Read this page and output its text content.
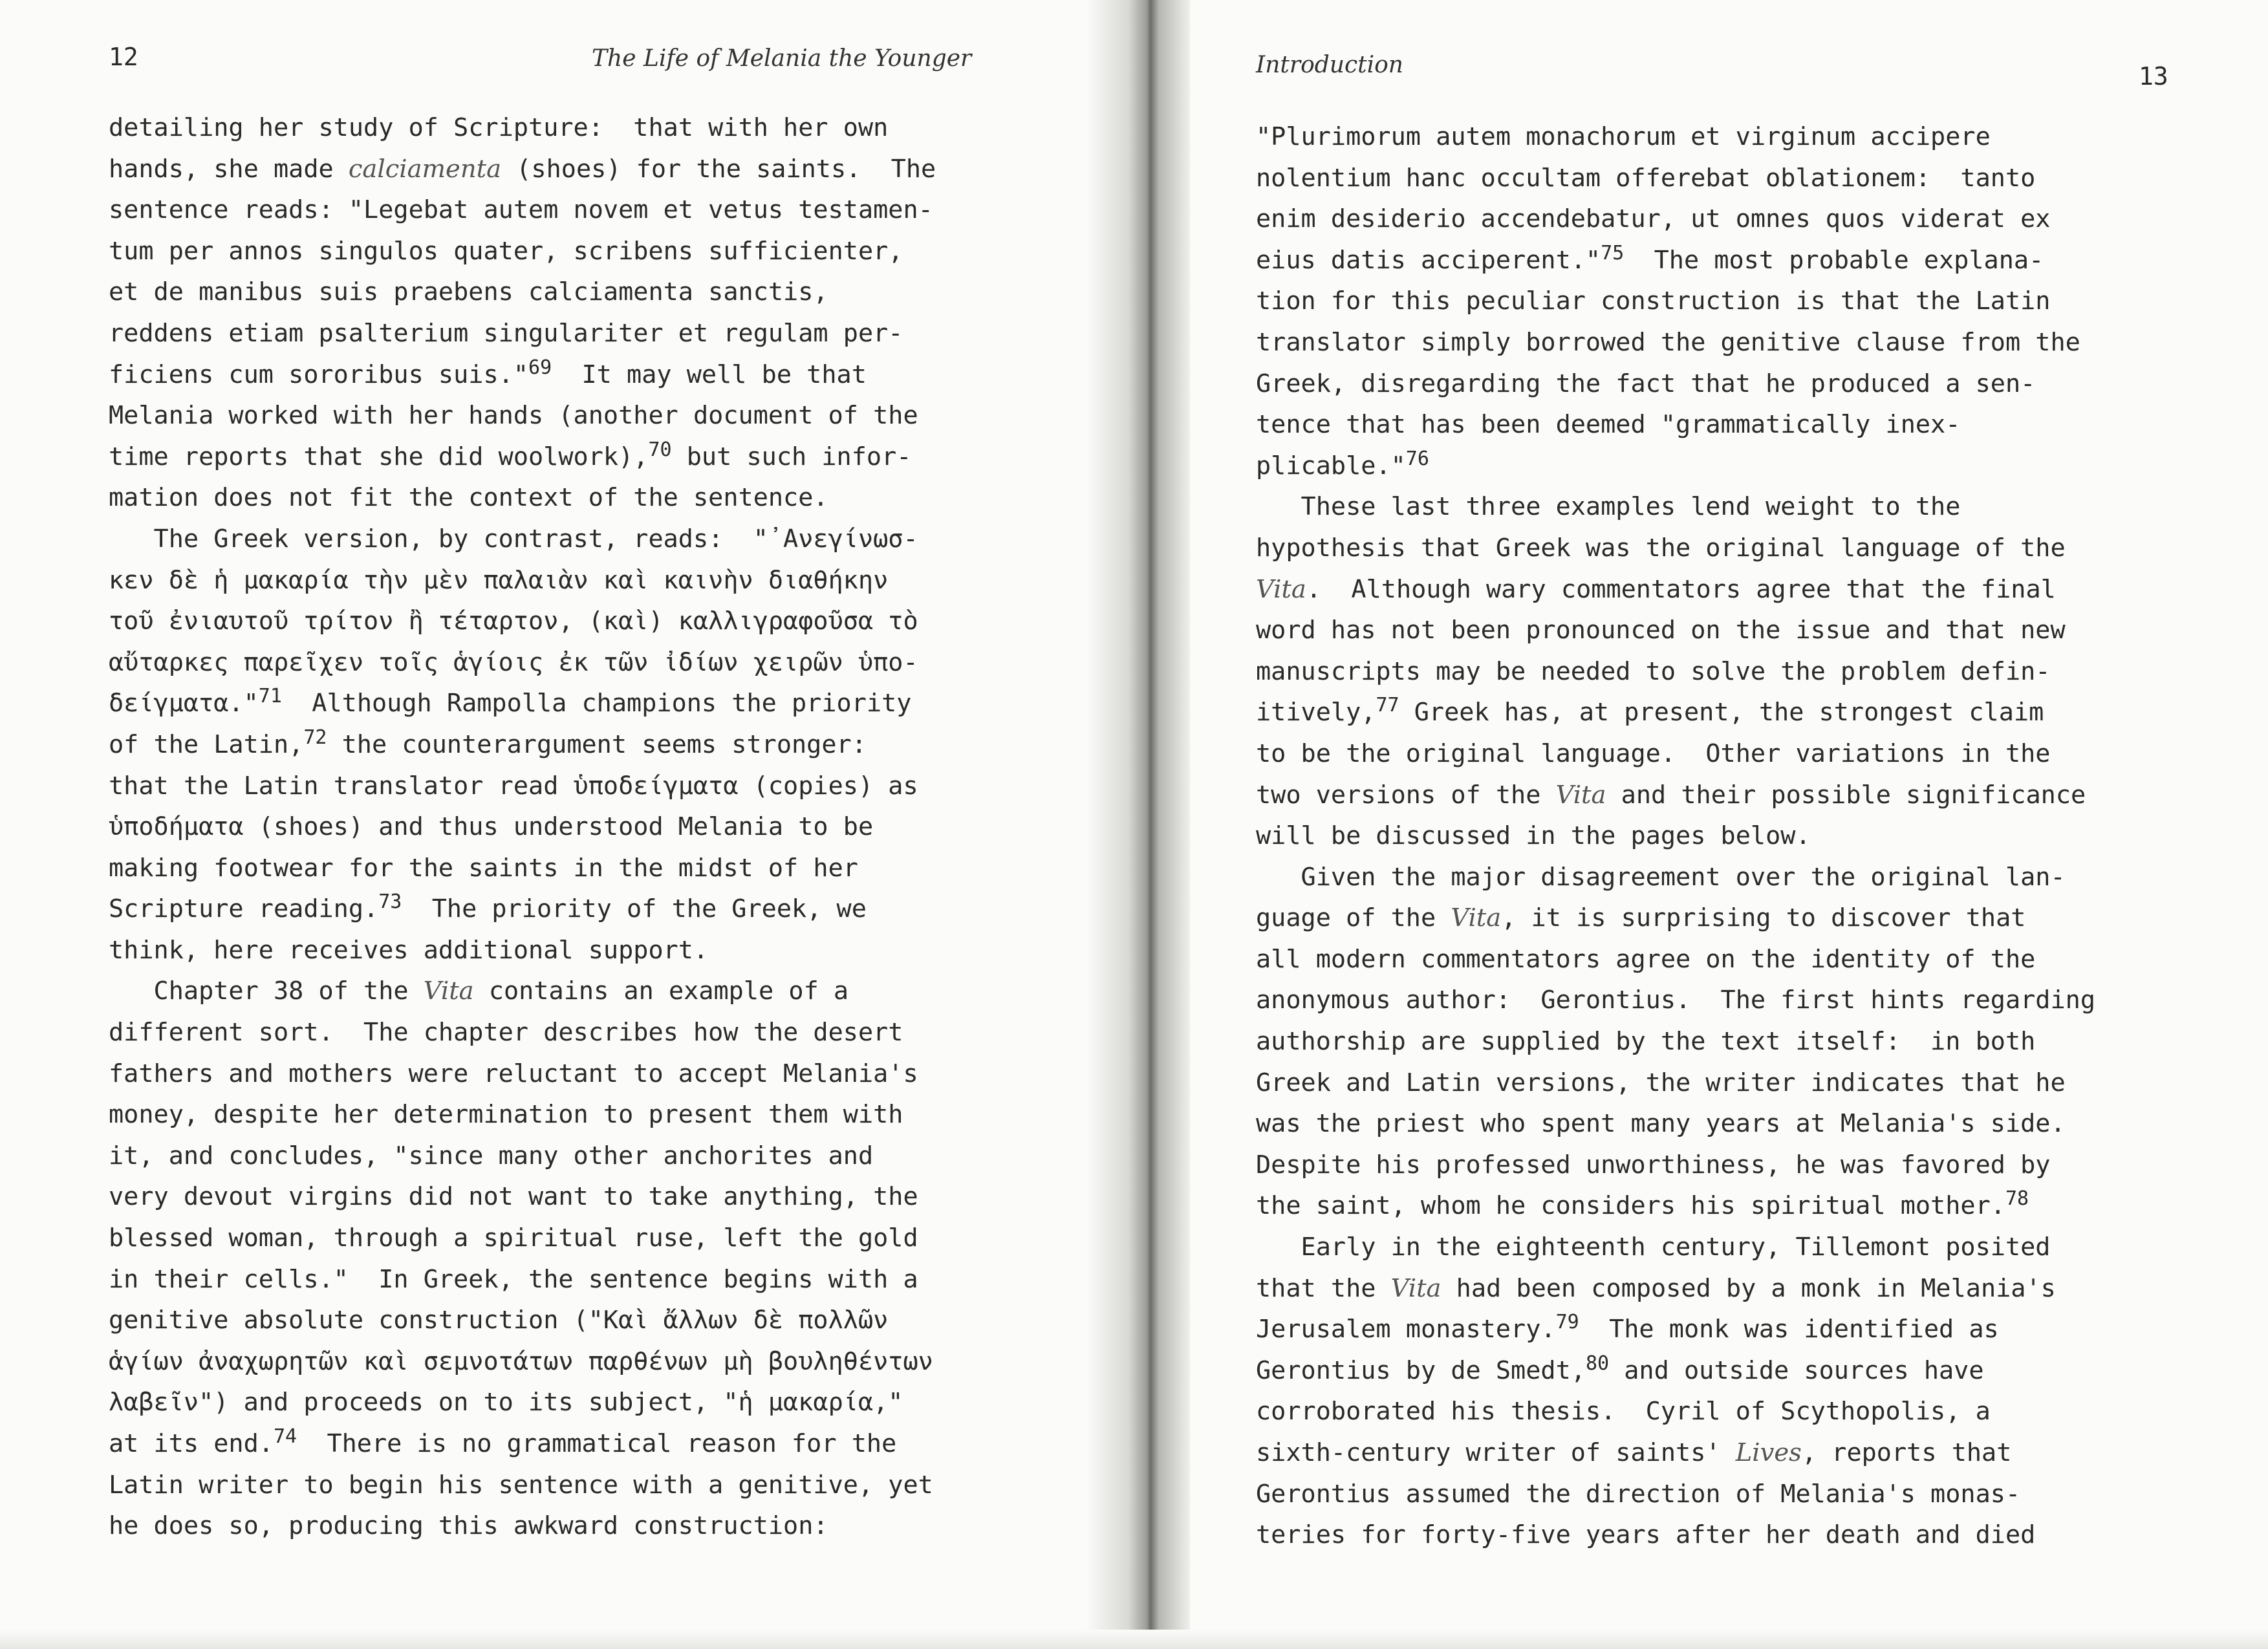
12	The Life of Melania the Younger
detailing her study of Scripture:  that with her own
hands, she made calciamenta (shoes) for the saints.  The
sentence reads: "Legebat autem novem et vetus testamen-
tum per annos singulos quater, scribens sufficienter,
et de manibus suis praebens calciamenta sanctis,
reddens etiam psalterium singulariter et regulam per-
ficiens cum sororibus suis."$^{69}$  It may well be that
Melania worked with her hands (another document of the
time reports that she did woolwork),$^{70}$ but such infor-
mation does not fit the context of the sentence.
The Greek version, by contrast, reads:  "᾽Ανεγίνωσ-
κεν δὲ ἡ μακαρία τὴν μὲν παλαιὰν καὶ καινὴν διαθήκην
τοῦ ἐνιαυτοῦ τρίτον ἢ τέταρτον, (καὶ) καλλιγραφοῦσα τὸ
αὔταρκες παρεῖχεν τοῖς ἁγίοις ἐκ τῶν ἰδίων χειρῶν ὑπο-
δείγματα."$^{71}$  Although Rampolla champions the priority
of the Latin,$^{72}$ the counterargument seems stronger:
that the Latin translator read ὑποδείγματα (copies) as
ὑποδήματα (shoes) and thus understood Melania to be
making footwear for the saints in the midst of her
Scripture reading.$^{73}$  The priority of the Greek, we
think, here receives additional support.
Chapter 38 of the Vita contains an example of a
different sort.  The chapter describes how the desert
fathers and mothers were reluctant to accept Melania's
money, despite her determination to present them with
it, and concludes, "since many other anchorites and
very devout virgins did not want to take anything, the
blessed woman, through a spiritual ruse, left the gold
in their cells."  In Greek, the sentence begins with a
genitive absolute construction ("Καὶ ἄλλων δὲ πολλῶν
ἁγίων ἀναχωρητῶν καὶ σεμνοτάτων παρθένων μὴ βουληθέντων
λαβεῖν") and proceeds on to its subject, "ἡ μακαρία,"
at its end.$^{74}$  There is no grammatical reason for the
Latin writer to begin his sentence with a genitive, yet
he does so, producing this awkward construction:
Introduction	13
"Plurimorum autem monachorum et virginum accipere
nolentium hanc occultam offerebat oblationem:  tanto
enim desiderio accendebatur, ut omnes quos viderat ex
eius datis acciperent."$^{75}$  The most probable explana-
tion for this peculiar construction is that the Latin
translator simply borrowed the genitive clause from the
Greek, disregarding the fact that he produced a sen-
tence that has been deemed "grammatically inex-
plicable."$^{76}$
These last three examples lend weight to the
hypothesis that Greek was the original language of the
Vita.  Although wary commentators agree that the final
word has not been pronounced on the issue and that new
manuscripts may be needed to solve the problem defin-
itively,$^{77}$ Greek has, at present, the strongest claim
to be the original language.  Other variations in the
two versions of the Vita and their possible significance
will be discussed in the pages below.
Given the major disagreement over the original lan-
guage of the Vita, it is surprising to discover that
all modern commentators agree on the identity of the
anonymous author:  Gerontius.  The first hints regarding
authorship are supplied by the text itself:  in both
Greek and Latin versions, the writer indicates that he
was the priest who spent many years at Melania's side.
Despite his professed unworthiness, he was favored by
the saint, whom he considers his spiritual mother.$^{78}$
Early in the eighteenth century, Tillemont posited
that the Vita had been composed by a monk in Melania's
Jerusalem monastery.$^{79}$  The monk was identified as
Gerontius by de Smedt,$^{80}$ and outside sources have
corroborated his thesis.  Cyril of Scythopolis, a
sixth-century writer of saints' Lives, reports that
Gerontius assumed the direction of Melania's monas-
teries for forty-five years after her death and died
